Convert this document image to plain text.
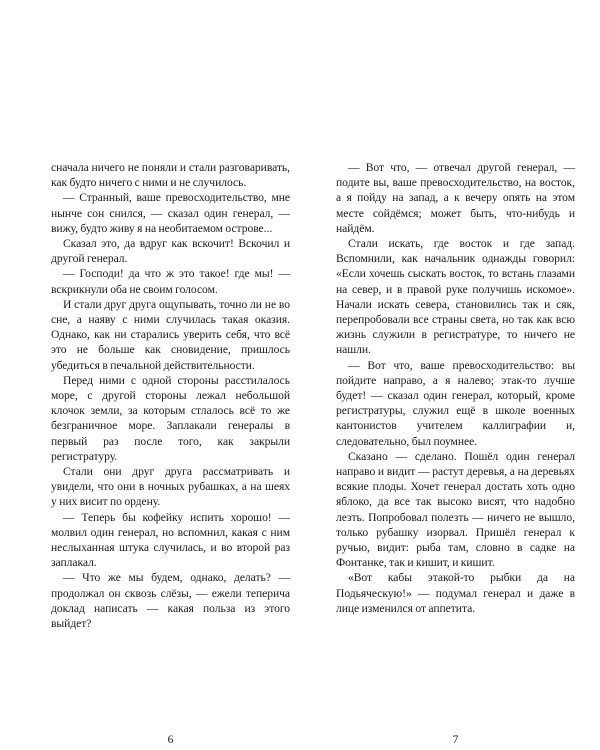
сначала ничего не поняли и стали разговаривать, как будто ничего с ними и не случилось.

— Странный, ваше превосходительство, мне нынче сон снился, — сказал один генерал, — вижу, будто живу я на необитаемом острове...

Сказал это, да вдруг как вскочит! Вскочил и другой генерал.

— Господи! да что ж это такое! где мы! — вскрикнули оба не своим голосом.

И стали друг друга ощупывать, точно ли не во сне, а наяву с ними случилась такая оказия. Однако, как ни старались уверить себя, что всё это не больше как сновидение, пришлось убедиться в печальной действительности.

Перед ними с одной стороны расстилалось море, с другой стороны лежал небольшой клочок земли, за которым стлалось всё то же безграничное море. Заплакали генералы в первый раз после того, как закрыли регистратуру.

Стали они друг друга рассматривать и увидели, что они в ночных рубашках, а на шеях у них висит по ордену.

— Теперь бы кофейку испить хорошо! — молвил один генерал, но вспомнил, какая с ним неслыханная штука случилась, и во второй раз заплакал.

— Что же мы будем, однако, делать? — продолжал он сквозь слёзы, — ежели теперича доклад написать — какая польза из этого выйдет?

— Вот что, — отвечал другой генерал, — подите вы, ваше превосходительство, на восток, а я пойду на запад, а к вечеру опять на этом месте сойдёмся; может быть, что-нибудь и найдём.

Стали искать, где восток и где запад. Вспомнили, как начальник однажды говорил: «Если хочешь сыскать восток, то встань глазами на север, и в правой руке получишь искомое». Начали искать севера, становились так и сяк, перепробовали все страны света, но так как всю жизнь служили в регистратуре, то ничего не нашли.

— Вот что, ваше превосходительство: вы пойдите направо, а я налево; этак-то лучше будет! — сказал один генерал, который, кроме регистратуры, служил ещё в школе военных кантонистов учителем каллиграфии и, следовательно, был поумнее.

Сказано — сделано. Пошёл один генерал направо и видит — растут деревья, а на деревьях всякие плоды. Хочет генерал достать хоть одно яблоко, да все так высоко висят, что надобно лезть. Попробовал полезть — ничего не вышло, только рубашку изорвал. Пришёл генерал к ручью, видит: рыба там, словно в садке на Фонтанке, так и кишит, и кишит.

«Вот кабы этакой-то рыбки да на Подьяческую!» — подумал генерал и даже в лице изменился от аппетита.

6	7
